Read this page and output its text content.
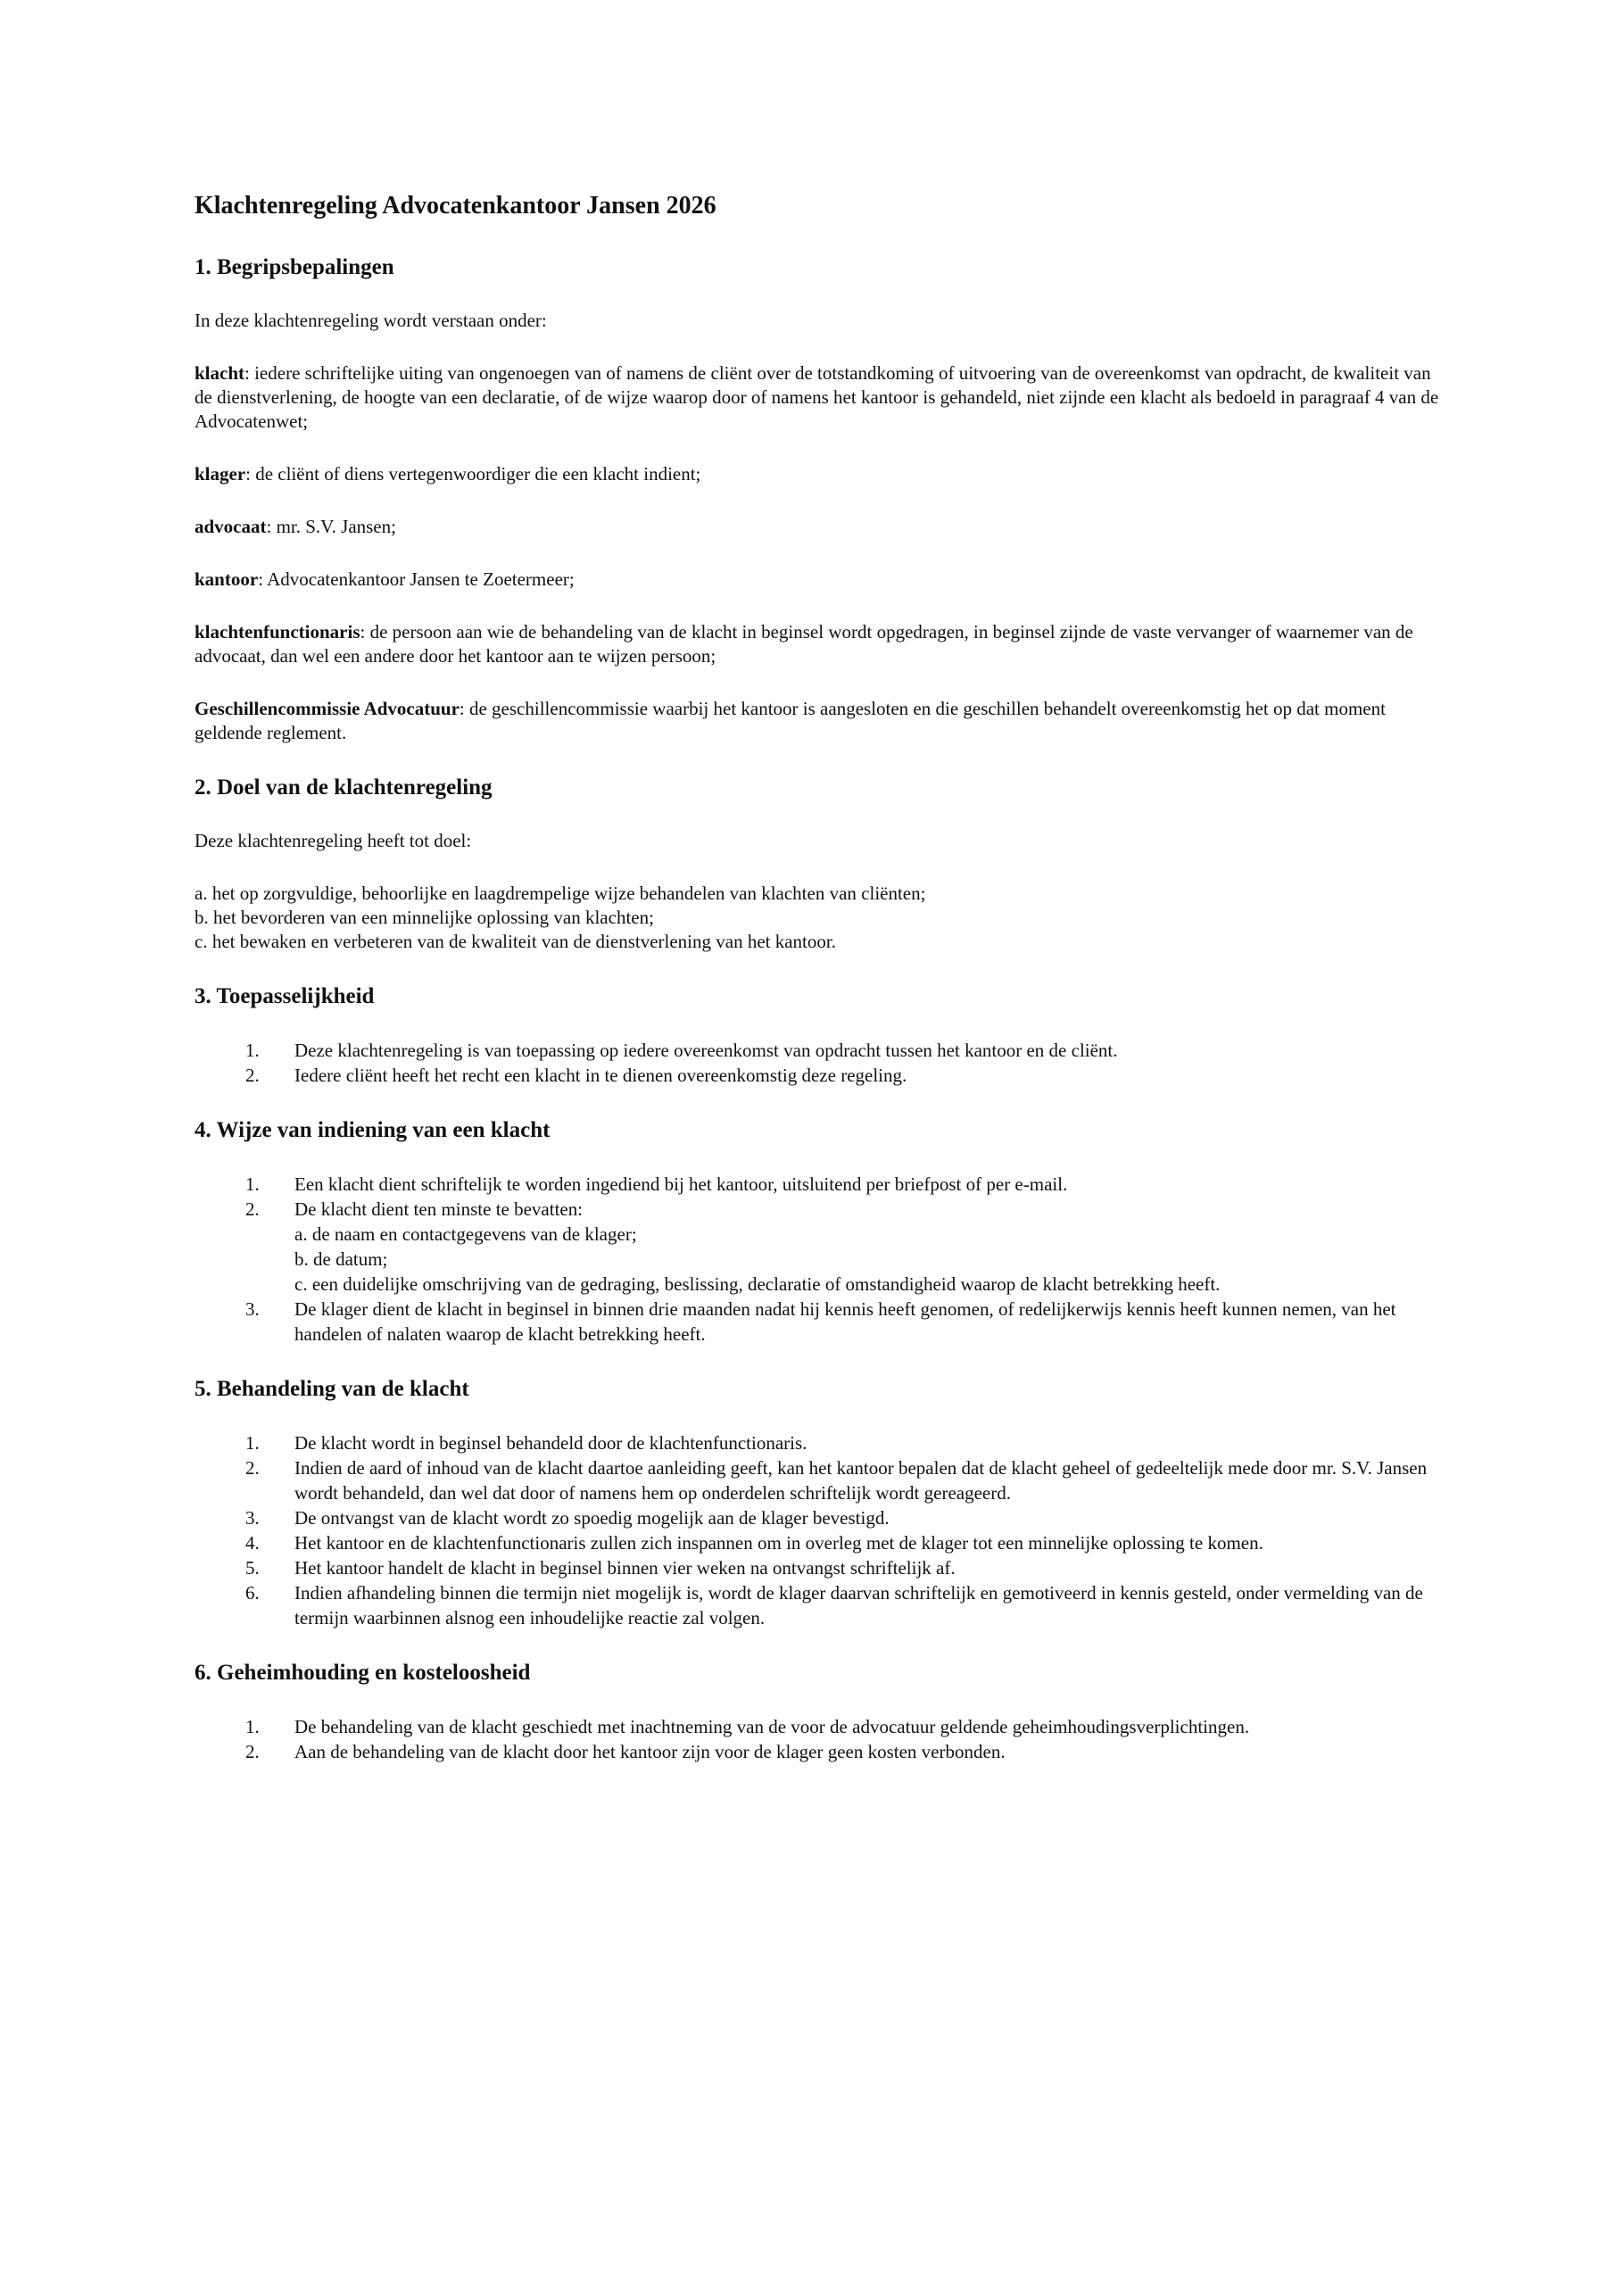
Klachtenregeling Advocatenkantoor Jansen 2026
1. Begripsbepalingen

In deze klachtenregeling wordt verstaan onder:

klacht: iedere schriftelijke uiting van ongenoegen van of namens de cliënt over de totstandkoming of uitvoering van de overeenkomst van opdracht, de kwaliteit van de dienstverlening, de hoogte van een declaratie, of de wijze waarop door of namens het kantoor is gehandeld, niet zijnde een klacht als bedoeld in paragraaf 4 van de Advocatenwet;

klager: de cliënt of diens vertegenwoordiger die een klacht indient;

advocaat: mr. S.V. Jansen;

kantoor: Advocatenkantoor Jansen te Zoetermeer;

klachtenfunctionaris: de persoon aan wie de behandeling van de klacht in beginsel wordt opgedragen, in beginsel zijnde de vaste vervanger of waarnemer van de advocaat, dan wel een andere door het kantoor aan te wijzen persoon;

Geschillencommissie Advocatuur: de geschillencommissie waarbij het kantoor is aangesloten en die geschillen behandelt overeenkomstig het op dat moment geldende reglement.

2. Doel van de klachtenregeling

Deze klachtenregeling heeft tot doel:

a. het op zorgvuldige, behoorlijke en laagdrempelige wijze behandelen van klachten van cliënten;

b. het bevorderen van een minnelijke oplossing van klachten;

c. het bewaken en verbeteren van de kwaliteit van de dienstverlening van het kantoor.

3. Toepasselijkheid
1. Deze klachtenregeling is van toepassing op iedere overeenkomst van opdracht tussen het kantoor en de cliënt.
2. Iedere cliënt heeft het recht een klacht in te dienen overeenkomstig deze regeling.
4. Wijze van indiening van een klacht
1. Een klacht dient schriftelijk te worden ingediend bij het kantoor, uitsluitend per briefpost of per e-mail.
2. De klacht dient ten minste te bevatten:
a. de naam en contactgegevens van de klager;
b. de datum;
c. een duidelijke omschrijving van de gedraging, beslissing, declaratie of omstandigheid waarop de klacht betrekking heeft.
3. De klager dient de klacht in beginsel in binnen drie maanden nadat hij kennis heeft genomen, of redelijkerwijs kennis heeft kunnen nemen, van het handelen of nalaten waarop de klacht betrekking heeft.
5. Behandeling van de klacht
1. De klacht wordt in beginsel behandeld door de klachtenfunctionaris.
2. Indien de aard of inhoud van de klacht daartoe aanleiding geeft, kan het kantoor bepalen dat de klacht geheel of gedeeltelijk mede door mr. S.V. Jansen wordt behandeld, dan wel dat door of namens hem op onderdelen schriftelijk wordt gereageerd.
3. De ontvangst van de klacht wordt zo spoedig mogelijk aan de klager bevestigd.
4. Het kantoor en de klachtenfunctionaris zullen zich inspannen om in overleg met de klager tot een minnelijke oplossing te komen.
5. Het kantoor handelt de klacht in beginsel binnen vier weken na ontvangst schriftelijk af.
6. Indien afhandeling binnen die termijn niet mogelijk is, wordt de klager daarvan schriftelijk en gemotiveerd in kennis gesteld, onder vermelding van de termijn waarbinnen alsnog een inhoudelijke reactie zal volgen.
6. Geheimhouding en kosteloosheid
1. De behandeling van de klacht geschiedt met inachtneming van de voor de advocatuur geldende geheimhoudingsverplichtingen.
2. Aan de behandeling van de klacht door het kantoor zijn voor de klager geen kosten verbonden.
